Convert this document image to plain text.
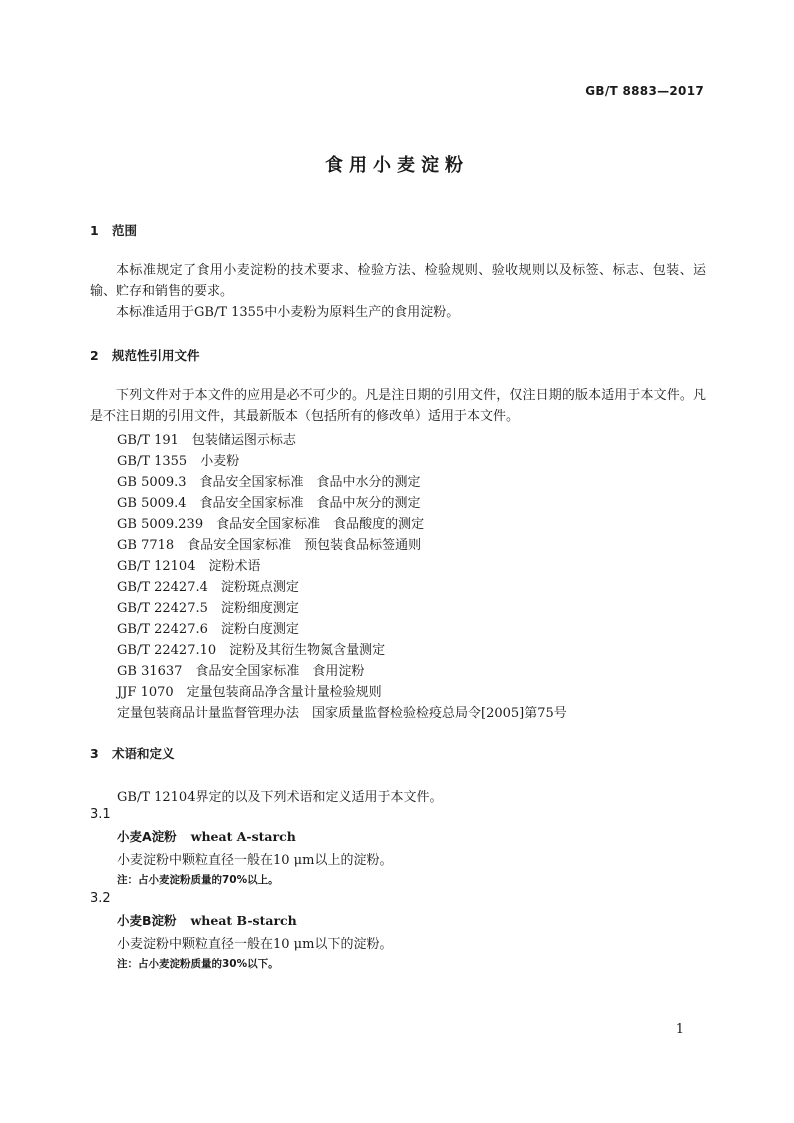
GB/T 8883—2017
食用小麦淀粉
1 范围
本标准规定了食用小麦淀粉的技术要求、检验方法、检验规则、验收规则以及标签、标志、包装、运输、贮存和销售的要求。
本标准适用于GB/T 1355中小麦粉为原料生产的食用淀粉。
2 规范性引用文件
下列文件对于本文件的应用是必不可少的。凡是注日期的引用文件，仅注日期的版本适用于本文件。凡是不注日期的引用文件，其最新版本（包括所有的修改单）适用于本文件。
GB/T 191　包装储运图示标志
GB/T 1355　小麦粉
GB 5009.3　食品安全国家标准　食品中水分的测定
GB 5009.4　食品安全国家标准　食品中灰分的测定
GB 5009.239　食品安全国家标准　食品酸度的测定
GB 7718　食品安全国家标准　预包装食品标签通则
GB/T 12104　淀粉术语
GB/T 22427.4　淀粉斑点测定
GB/T 22427.5　淀粉细度测定
GB/T 22427.6　淀粉白度测定
GB/T 22427.10　淀粉及其衍生物氮含量测定
GB 31637　食品安全国家标准　食用淀粉
JJF 1070　定量包装商品净含量计量检验规则
定量包装商品计量监督管理办法　国家质量监督检验检疫总局令[2005]第75号
3 术语和定义
GB/T 12104界定的以及下列术语和定义适用于本文件。
3.1
小麦A淀粉 wheat A-starch
小麦淀粉中颗粒直径一般在10 μm以上的淀粉。
注：占小麦淀粉质量的70%以上。
3.2
小麦B淀粉 wheat B-starch
小麦淀粉中颗粒直径一般在10 μm以下的淀粉。
注：占小麦淀粉质量的30%以下。
1
